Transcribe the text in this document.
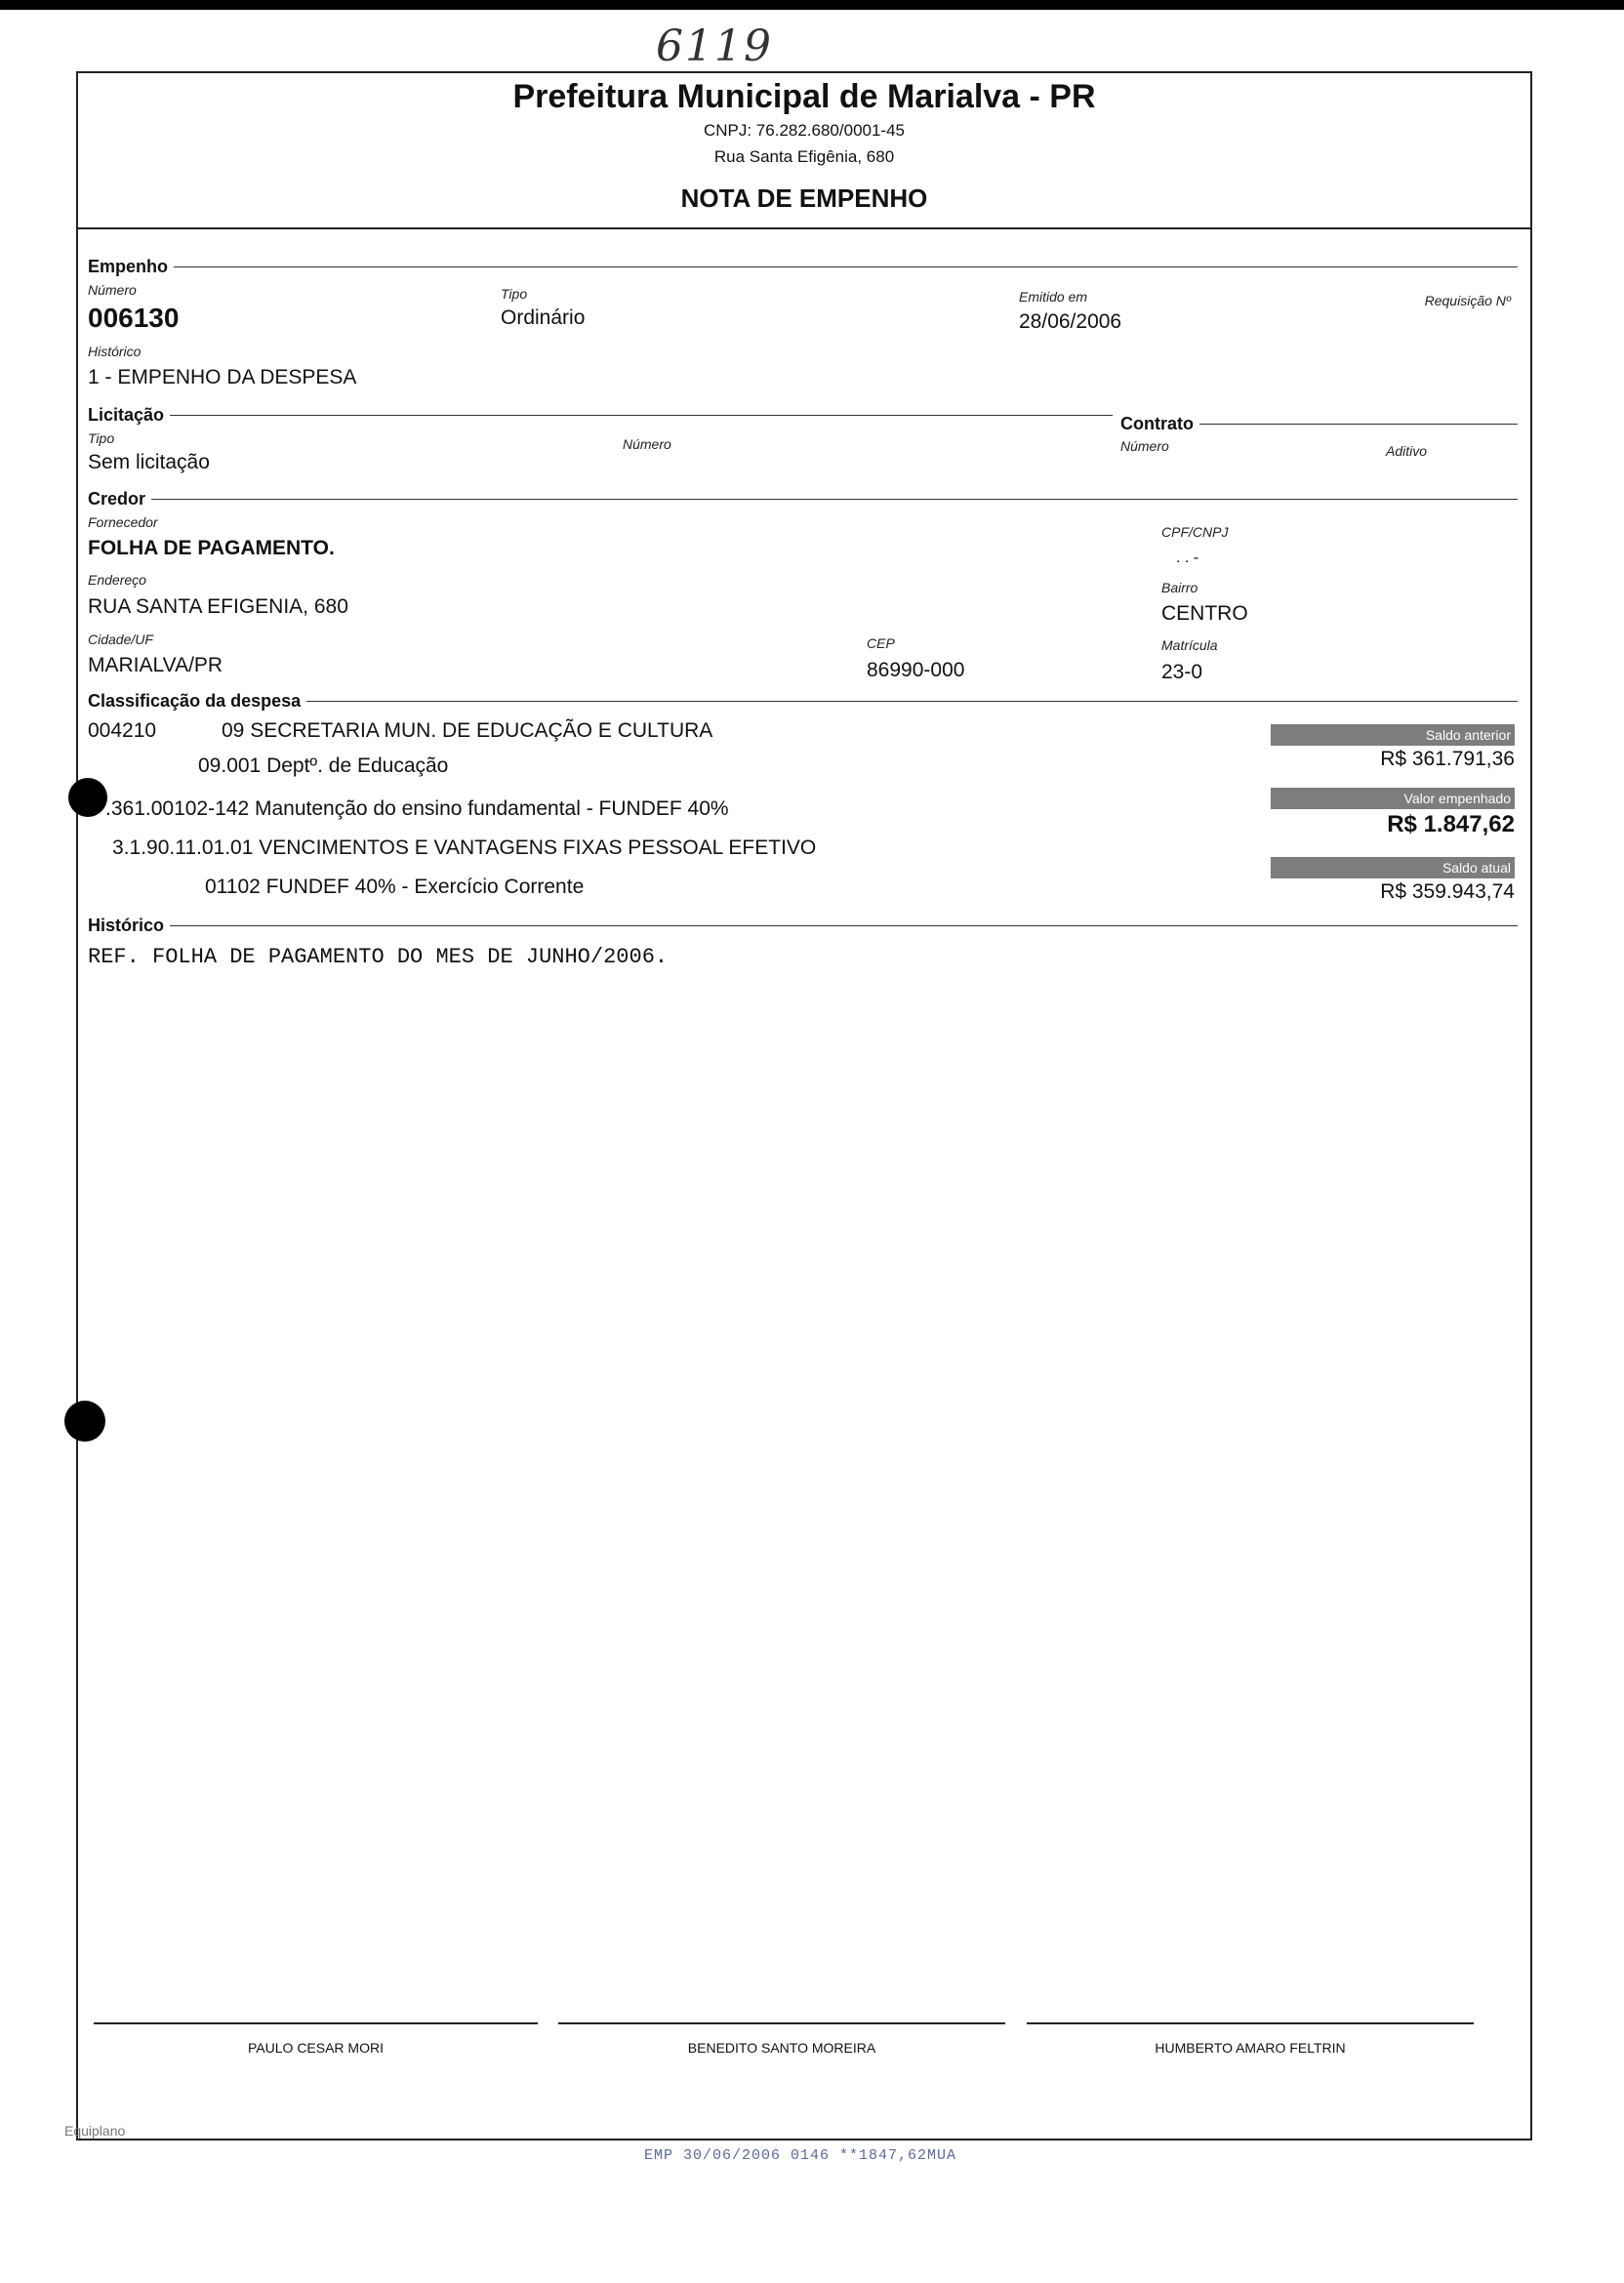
6119
Prefeitura Municipal de Marialva - PR
CNPJ: 76.282.680/0001-45
Rua Santa Efigênia, 680
NOTA DE EMPENHO
Empenho
Número
006130
Tipo
Ordinário
Emitido em
28/06/2006
Requisição Nº
Histórico
1 - EMPENHO DA DESPESA
Licitação
Tipo
Sem licitação
Número
Contrato
Número	Aditivo
Credor
Fornecedor
FOLHA DE PAGAMENTO.
CPF/CNPJ
. . -
Endereço
RUA SANTA EFIGENIA, 680
Bairro
CENTRO
Cidade/UF
MARIALVA/PR
CEP
86990-000
Matrícula
23-0
Classificação da despesa
004210	09 SECRETARIA MUN. DE EDUCAÇÃO E CULTURA
09.001 Deptº. de Educação
.361.00102-142 Manutenção do ensino fundamental - FUNDEF 40%
3.1.90.11.01.01 VENCIMENTOS E VANTAGENS FIXAS PESSOAL EFETIVO
01102 FUNDEF 40% - Exercício Corrente
Saldo anterior
R$ 361.791,36
Valor empenhado
R$ 1.847,62
Saldo atual
R$ 359.943,74
Histórico
REF. FOLHA DE PAGAMENTO DO MES DE JUNHO/2006.
PAULO CESAR MORI	BENEDITO SANTO MOREIRA	HUMBERTO AMARO FELTRIN
Equiplano
EMP 30/06/2006 0146 **1847,62MUA
